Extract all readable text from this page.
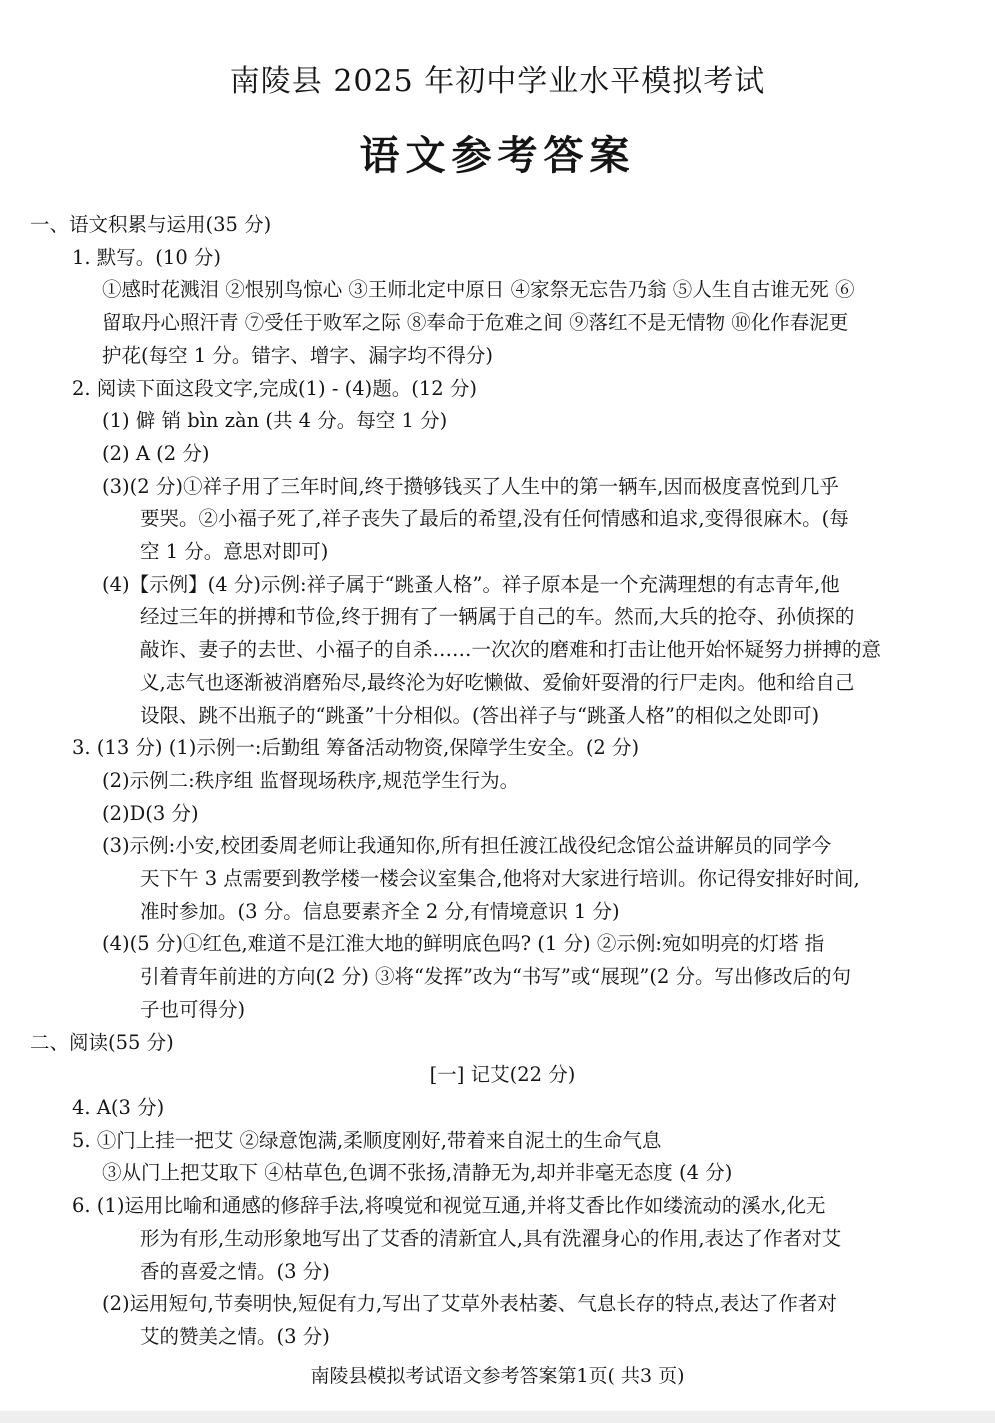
南陵县 2025 年初中学业水平模拟考试
语文参考答案
一、语文积累与运用(35 分)
1. 默写。(10 分)
①感时花溅泪 ②恨别鸟惊心 ③王师北定中原日 ④家祭无忘告乃翁 ⑤人生自古谁无死 ⑥
留取丹心照汗青 ⑦受任于败军之际 ⑧奉命于危难之间 ⑨落红不是无情物 ⑩化作春泥更
护花(每空 1 分。错字、增字、漏字均不得分)
2. 阅读下面这段文字,完成(1) - (4)题。(12 分)
(1) 僻 销 bìn zàn (共 4 分。每空 1 分)
(2) A (2 分)
(3)(2 分)①祥子用了三年时间,终于攒够钱买了人生中的第一辆车,因而极度喜悦到几乎
要哭。②小福子死了,祥子丧失了最后的希望,没有任何情感和追求,变得很麻木。(每
空 1 分。意思对即可)
(4)【示例】(4 分)示例:祥子属于“跳蚤人格”。祥子原本是一个充满理想的有志青年,他
经过三年的拼搏和节俭,终于拥有了一辆属于自己的车。然而,大兵的抢夺、孙侦探的
敲诈、妻子的去世、小福子的自杀……一次次的磨难和打击让他开始怀疑努力拼搏的意
义,志气也逐渐被消磨殆尽,最终沦为好吃懒做、爱偷奸耍滑的行尸走肉。他和给自己
设限、跳不出瓶子的“跳蚤”十分相似。(答出祥子与“跳蚤人格”的相似之处即可)
3. (13 分) (1)示例一:后勤组 筹备活动物资,保障学生安全。(2 分)
(2)示例二:秩序组 监督现场秩序,规范学生行为。
(2)D(3 分)
(3)示例:小安,校团委周老师让我通知你,所有担任渡江战役纪念馆公益讲解员的同学今
天下午 3 点需要到教学楼一楼会议室集合,他将对大家进行培训。你记得安排好时间,
准时参加。(3 分。信息要素齐全 2 分,有情境意识 1 分)
(4)(5 分)①红色,难道不是江淮大地的鲜明底色吗? (1 分) ②示例:宛如明亮的灯塔 指
引着青年前进的方向(2 分) ③将“发挥”改为“书写”或“展现”(2 分。写出修改后的句
子也可得分)
二、阅读(55 分)
[一] 记艾(22 分)
4. A(3 分)
5. ①门上挂一把艾 ②绿意饱满,柔顺度刚好,带着来自泥土的生命气息
③从门上把艾取下 ④枯草色,色调不张扬,清静无为,却并非毫无态度 (4 分)
6. (1)运用比喻和通感的修辞手法,将嗅觉和视觉互通,并将艾香比作如缕流动的溪水,化无
形为有形,生动形象地写出了艾香的清新宜人,具有洗濯身心的作用,表达了作者对艾
香的喜爱之情。(3 分)
(2)运用短句,节奏明快,短促有力,写出了艾草外表枯萎、气息长存的特点,表达了作者对
艾的赞美之情。(3 分)
南陵县模拟考试语文参考答案第1页( 共3 页)
